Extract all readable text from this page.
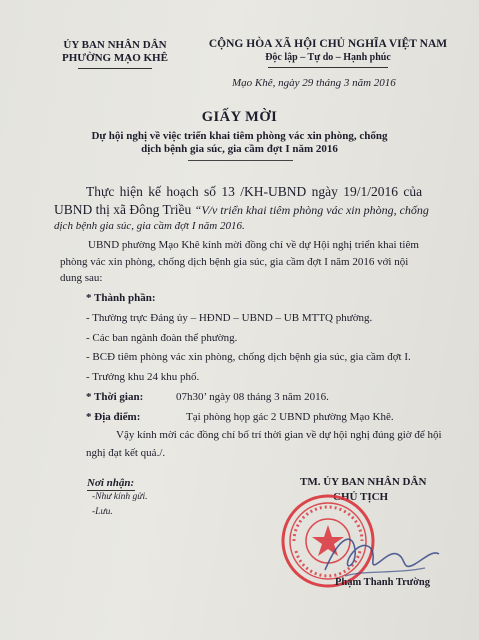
ỦY BAN NHÂN DÂN
PHƯỜNG MẠO KHÊ
CỘNG HÒA XÃ HỘI CHỦ NGHĨA VIỆT NAM
Độc lập – Tự do – Hạnh phúc
Mạo Khê, ngày 29 tháng 3 năm 2016
GIẤY MỜI
Dự hội nghị về việc triển khai tiêm phòng vác xin phòng, chống
dịch bệnh gia súc, gia cầm đợt I năm 2016
Thực hiện kế hoạch số 13 /KH-UBND ngày 19/1/2016 của
UBND thị xã Đông Triều “V/v triển khai tiêm phòng vác xin phòng, chống
dịch bệnh gia súc, gia cầm đợt I năm 2016.
UBND phường Mạo Khê kính mời đồng chí về dự Hội nghị triển khai tiêm
phòng vác xin phòng, chống dịch bệnh gia súc, gia cầm đợt I năm 2016 với nội
dung sau:
* Thành phần:
- Thường trực Đảng ủy – HĐND – UBND – UB MTTQ phường.
- Các ban ngành đoàn thể phường.
- BCĐ tiêm phòng vác xin phòng, chống dịch bệnh gia súc, gia cầm đợt I.
- Trưởng khu 24 khu phố.
* Thời gian:	07h30’ ngày 08 tháng 3 năm 2016.
* Địa điểm:	Tại phòng họp gác 2 UBND phường Mạo Khê.
Vậy kính mời các đồng chí bố trí thời gian về dự hội nghị đúng giờ để hội
nghị đạt kết quả./.
Nơi nhận:
-Như kính gửi.
-Lưu.
TM. ỦY BAN NHÂN DÂN
CHỦ TỊCH
Phạm Thanh Trường
